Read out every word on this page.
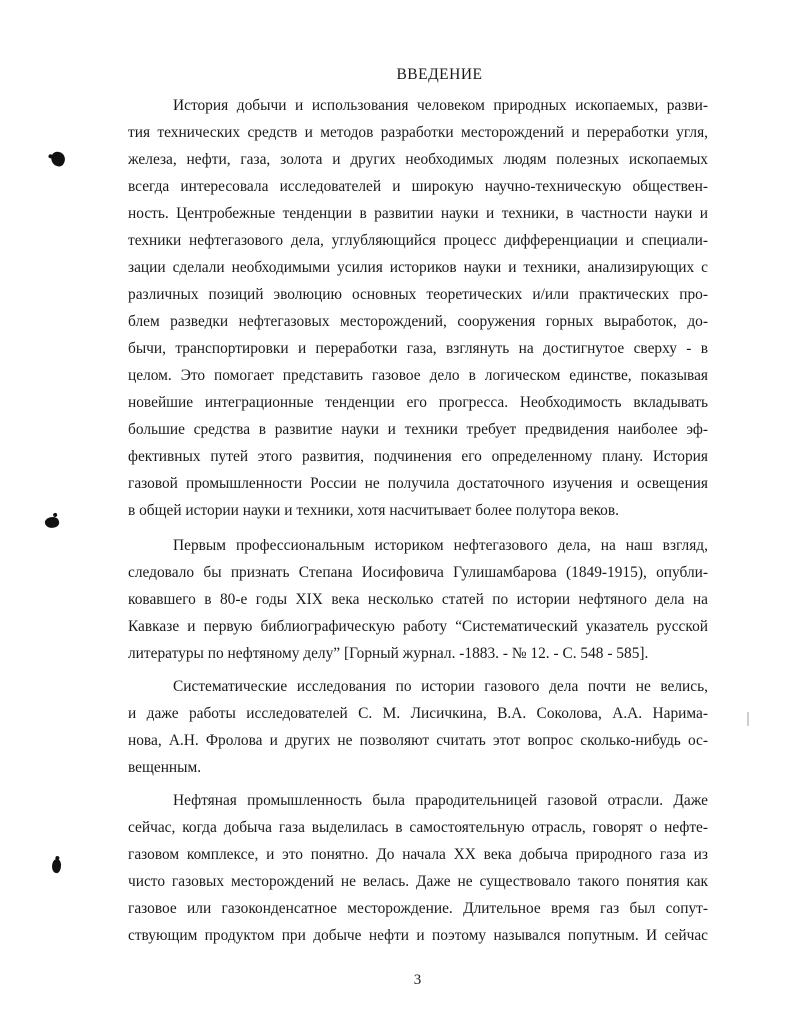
ВВЕДЕНИЕ
История добычи и использования человеком природных ископаемых, разви-
тия технических средств и методов разработки месторождений и переработки угля,
железа, нефти, газа, золота и других необходимых людям полезных ископаемых
всегда интересовала исследователей и широкую научно-техническую обществен-
ность. Центробежные тенденции в развитии науки и техники, в частности науки и
техники нефтегазового дела, углубляющийся процесс дифференциации и специали-
зации сделали необходимыми усилия историков науки и техники, анализирующих с
различных позиций эволюцию основных теоретических и/или практических про-
блем разведки нефтегазовых месторождений, сооружения горных выработок, до-
бычи, транспортировки и переработки газа, взглянуть на достигнутое сверху - в
целом. Это помогает представить газовое дело в логическом единстве, показывая
новейшие интеграционные тенденции его прогресса. Необходимость вкладывать
большие средства в развитие науки и техники требует предвидения наиболее эф-
фективных путей этого развития, подчинения его определенному плану. История
газовой промышленности России не получила достаточного изучения и освещения
в общей истории науки и техники, хотя насчитывает более полутора веков.
Первым профессиональным историком нефтегазового дела, на наш взгляд,
следовало бы признать Степана Иосифовича Гулишамбарова (1849-1915), опубли-
ковавшего в 80-е годы XIX века несколько статей по истории нефтяного дела на
Кавказе и первую библиографическую работу “Систематический указатель русской
литературы по нефтяному делу” [Горный журнал. -1883. - № 12. - С. 548 - 585].
Систематические исследования по истории газового дела почти не велись,
и даже работы исследователей С. М. Лисичкина, В.А. Соколова, А.А. Нарима-
нова, А.Н. Фролова и других не позволяют считать этот вопрос сколько-нибудь ос-
вещенным.
Нефтяная промышленность была прародительницей газовой отрасли. Даже
сейчас, когда добыча газа выделилась в самостоятельную отрасль, говорят о нефте-
газовом комплексе, и это понятно. До начала XX века добыча природного газа из
чисто газовых месторождений не велась. Даже не существовало такого понятия как
газовое или газоконденсатное месторождение. Длительное время газ был сопут-
ствующим продуктом при добыче нефти и поэтому назывался попутным. И сейчас
3
